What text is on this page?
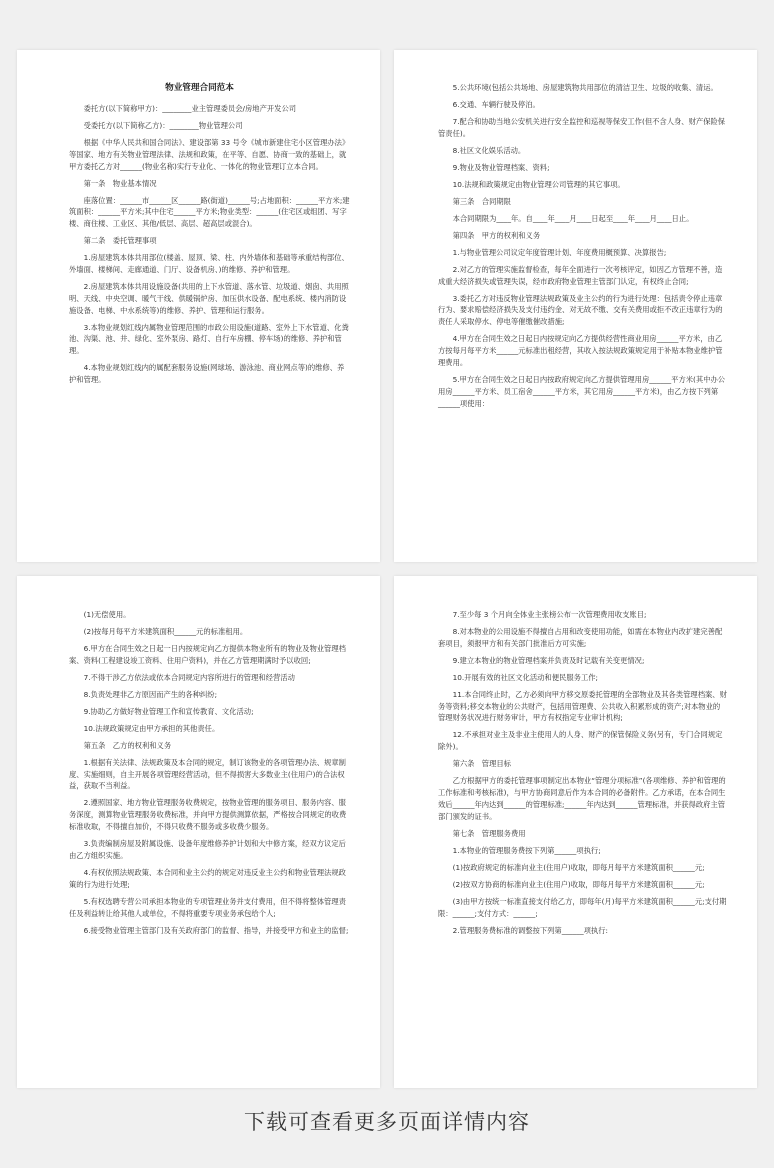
物业管理合同范本

委托方(以下简称甲方)：________业主管理委员会/房地产开发公司

受委托方(以下简称乙方)：________物业管理公司

根据《中华人民共和国合同法》、建设部第 33 号令《城市新建住宅小区管理办法》等国家、地方有关物业管理法律、法规和政策，在平等、自愿、协商一致的基础上，就甲方委托乙方对______(物业名称)实行专业化、一体化的物业管理订立本合同。

第一条　物业基本情况

座落位置：______市______区______路(街道)______号;占地面积：______平方米;建筑面积：______平方米;其中住宅______平方米;物业类型：______(住宅区或组团、写字楼、商住楼、工业区、其他/低层、高层、超高层或混合)。

第二条　委托管理事项

1.房屋建筑本体共用部位(楼盖、屋顶、梁、柱、内外墙体和基础等承重结构部位、外墙面、楼梯间、走廊通道、门厅、设备机房、)的维修、养护和管理。

2.房屋建筑本体共用设施设备(共用的上下水管道、落水管、垃圾道、烟囱、共用照明、天线、中央空调、暖气干线、供暖锅炉房、加压供水设备、配电系统、楼内消防设施设备、电梯、中水系统等)的维修、养护、管理和运行服务。

3.本物业规划红线内属物业管理范围的市政公用设施(道路、室外上下水管道、化粪池、沟渠、池、井、绿化、室外泵房、路灯、自行车房棚、停车场)的维修、养护和管理。

4.本物业规划红线内的属配套服务设施(网球场、游泳池、商业网点等)的维修、养护和管理。

5.公共环境(包括公共场地、房屋建筑物共用部位的清洁卫生、垃圾的收集、清运。

6.交通、车辆行驶及停泊。

7.配合和协助当地公安机关进行安全监控和巡视等保安工作(但不含人身、财产保险保管责任)。

8.社区文化娱乐活动。

9.物业及物业管理档案、资料;

10.法规和政策规定由物业管理公司管理的其它事项。

第三条　合同期限

本合同期限为____年。自____年____月____日起至____年____月____日止。

第四条　甲方的权利和义务

1.与物业管理公司议定年度管理计划、年度费用概预算、决算报告;

2.对乙方的管理实施监督检查，每年全面进行一次考核评定，如因乙方管理不善，造成重大经济损失或管理失误，经市政府物业管理主管部门认定，有权终止合同;

3.委托乙方对违反物业管理法规政策及业主公约的行为进行处理：包括责令停止违章行为、要求赔偿经济损失及支付违约金、对无故不缴、交有关费用或拒不改正违章行为的责任人采取停水、停电等催缴催改措施;

4.甲方在合同生效之日起日内按规定向乙方提供经营性商业用房______平方米，由乙方按每月每平方米______元标准出租经营，其收入按法规政策规定用于补贴本物业维护管理费用。

5.甲方在合同生效之日起日内按政府规定向乙方提供管理用房______平方米(其中办公用房______平方米、员工宿舍______平方米，其它用房______平方米)，由乙方按下列第______项使用：

(1)无偿使用。

(2)按每月每平方米建筑面积______元的标准租用。

6.甲方在合同生效之日起一日内按规定向乙方提供本物业所有的物业及物业管理档案、资料(工程建设竣工资料、住用户资料)，并在乙方管理期满时予以收回;

7.不得干涉乙方依法或依本合同规定内容所进行的管理和经营活动

8.负责处理非乙方原因而产生的各种纠纷;

9.协助乙方做好物业管理工作和宣传教育、文化活动;

10.法规政策规定由甲方承担的其他责任。

第五条　乙方的权利和义务

1.根据有关法律、法规政策及本合同的规定，制订该物业的各项管理办法、规章制度、实施细则，自主开展各项管理经营活动，但不得损害大多数业主(住用户)的合法权益，获取不当利益。

2.遵照国家、地方物业管理服务收费规定，按物业管理的服务项目、服务内容、服务深度，测算物业管理服务收费标准，并向甲方提供测算依据，严格按合同规定的收费标准收取，不得擅自加价，不得只收费不服务或多收费少服务。

3.负责编制房屋及附属设施、设备年度维修养护计划和大中修方案，经双方议定后由乙方组织实施。

4.有权依照法规政策、本合同和业主公约的规定对违反业主公约和物业管理法规政策的行为进行处理;

5.有权选聘专营公司承担本物业的专项管理业务并支付费用，但不得将整体管理责任及利益转让给其他人或单位，不得将重要专项业务承包给个人;

6.接受物业管理主管部门及有关政府部门的监督、指导，并接受甲方和业主的监督;

7.至少每 3 个月向全体业主张榜公布一次管理费用收支账目;

8.对本物业的公用设施不得擅自占用和改变使用功能，如需在本物业内改扩建完善配套项目，须报甲方和有关部门批准后方可实施;

9.建立本物业的物业管理档案并负责及时记载有关变更情况;

10.开展有效的社区文化活动和便民服务工作;

11.本合同终止时，乙方必须向甲方移交原委托管理的全部物业及其各类管理档案、财务等资料;移交本物业的公共财产，包括用管理费、公共收入积累形成的资产;对本物业的管理财务状况进行财务审计，甲方有权指定专业审计机构;

12.不承担对业主及非业主使用人的人身、财产的保管保险义务(另有，专门合同规定除外)。

第六条　管理目标

乙方根据甲方的委托管理事项制定出本物业“管理分项标准”(各项维修、养护和管理的工作标准和考核标准)，与甲方协商同意后作为本合同的必备附件。乙方承诺，在本合同生效后______年内达到______的管理标准;______年内达到______管理标准，并获得政府主管部门颁发的证书。

第七条　管理服务费用

1.本物业的管理服务费按下列第______项执行;

(1)按政府规定的标准向业主(住用户)收取，即每月每平方米建筑面积______元;

(2)按双方协商的标准向业主(住用户)收取，即每月每平方米建筑面积______元;

(3)由甲方按统一标准直接支付给乙方，即每年(月)每平方米建筑面积______元;支付期限：______;支付方式：______;

2.管理服务费标准的调整按下列第______项执行:

下载可查看更多页面详情内容
